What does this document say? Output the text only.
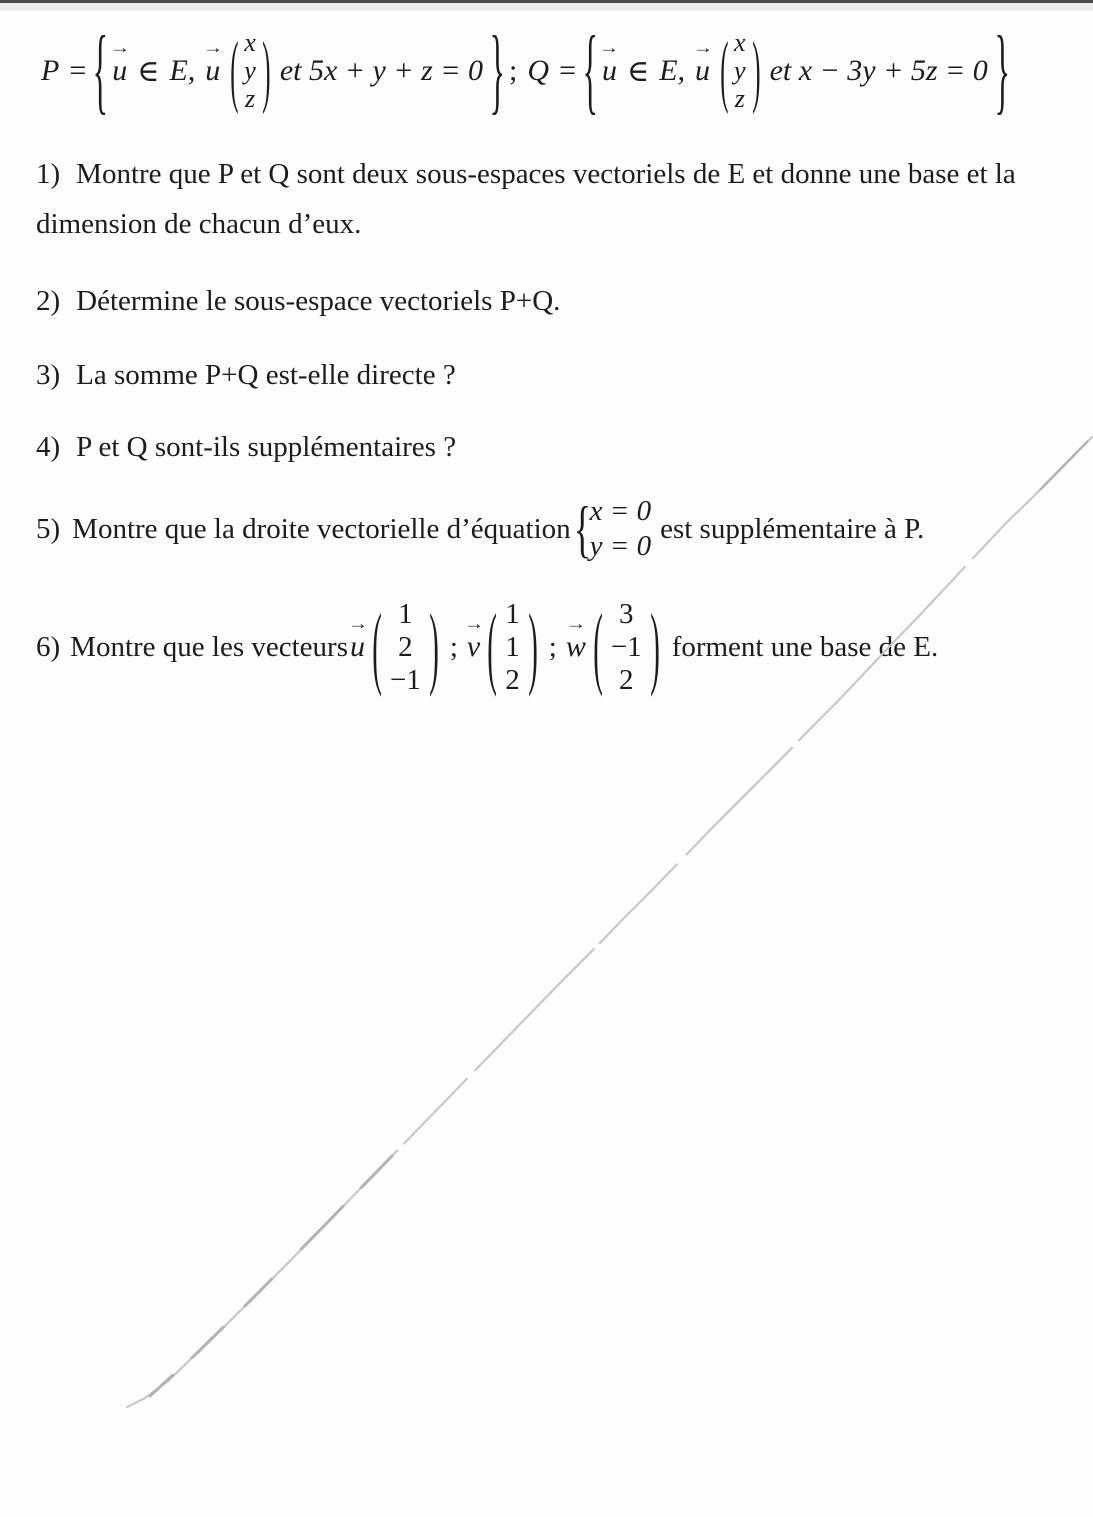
P = { →
u ∈ E,
→
u ( x
y
z ) et 5x + y + z = 0 } ; Q = { →
u ∈ E,
→
u ( x
y
z ) et x − 3y + 5z = 0 }
1) Montre que P et Q sont deux sous-espaces vectoriels de E et donne une base et la
dimension de chacun d’eux.
2) Détermine le sous-espace vectoriels P+Q.
3) La somme P+Q est-elle directe ?
4) P et Q sont-ils supplémentaires ?
5) Montre que la droite vectorielle d’équation {
x = 0
y = 0
est supplémentaire à P.
6) Montre que les vecteurs
→
u ( 1
2
−1 ) ;
→
v ( 1
1
2 ) ;
→
w ( 3
−1
2 ) forment une base de E.
